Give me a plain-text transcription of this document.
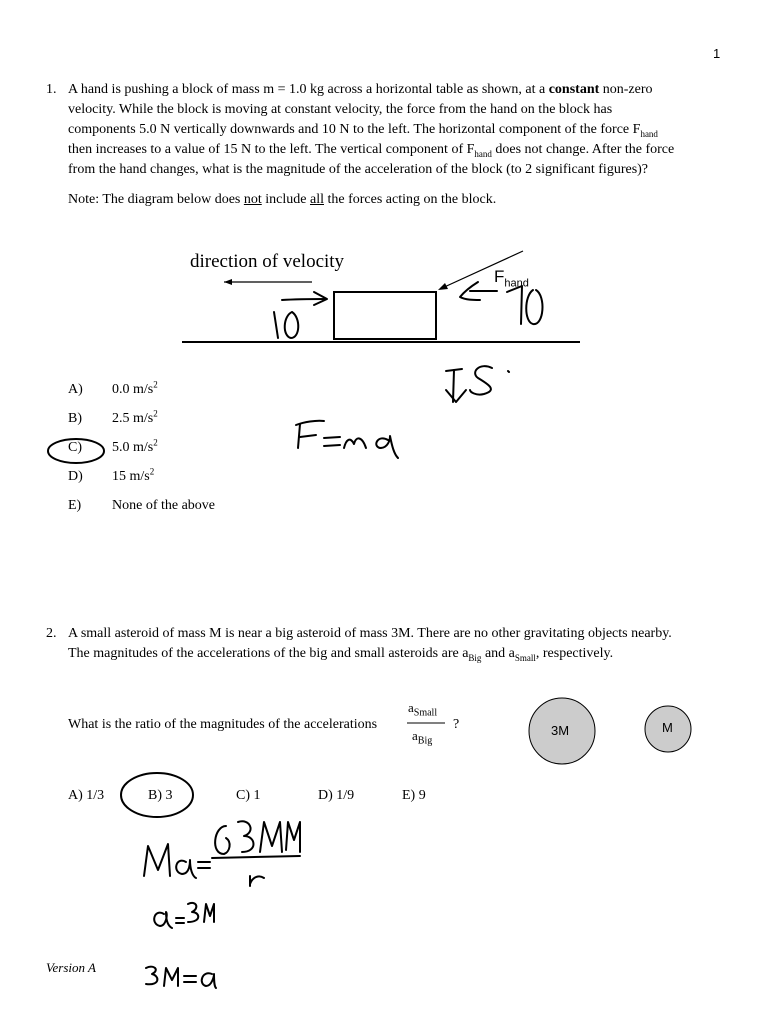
1
1. A hand is pushing a block of mass m = 1.0 kg across a horizontal table as shown, at a constant non-zero
velocity. While the block is moving at constant velocity, the force from the hand on the block has
components 5.0 N vertically downwards and 10 N to the left. The horizontal component of the force $F_{hand}$
then increases to a value of 15 N to the left. The vertical component of $F_{hand}$ does not change. After the force
from the hand changes, what is the magnitude of the acceleration of the block (to 2 significant figures)?
Note: The diagram below does not include all the forces acting on the block.
direction of velocity
$F_{hand}$
A) 0.0 $m/s^2$
B) 2.5 $m/s^2$
C) 5.0 $m/s^2$
D) 15 $m/s^2$
E) None of the above
2. A small asteroid of mass M is near a big asteroid of mass 3M. There are no other gravitating objects nearby.
The magnitudes of the accelerations of the big and small asteroids are $a_{Big}$ and $a_{Small}$, respectively.
What is the ratio of the magnitudes of the accelerations
$a_{Small}$
$a_{Big}$
?	3M	M
A) 1/3	B) 3	C) 1	D) 1/9	E) 9
Version A
